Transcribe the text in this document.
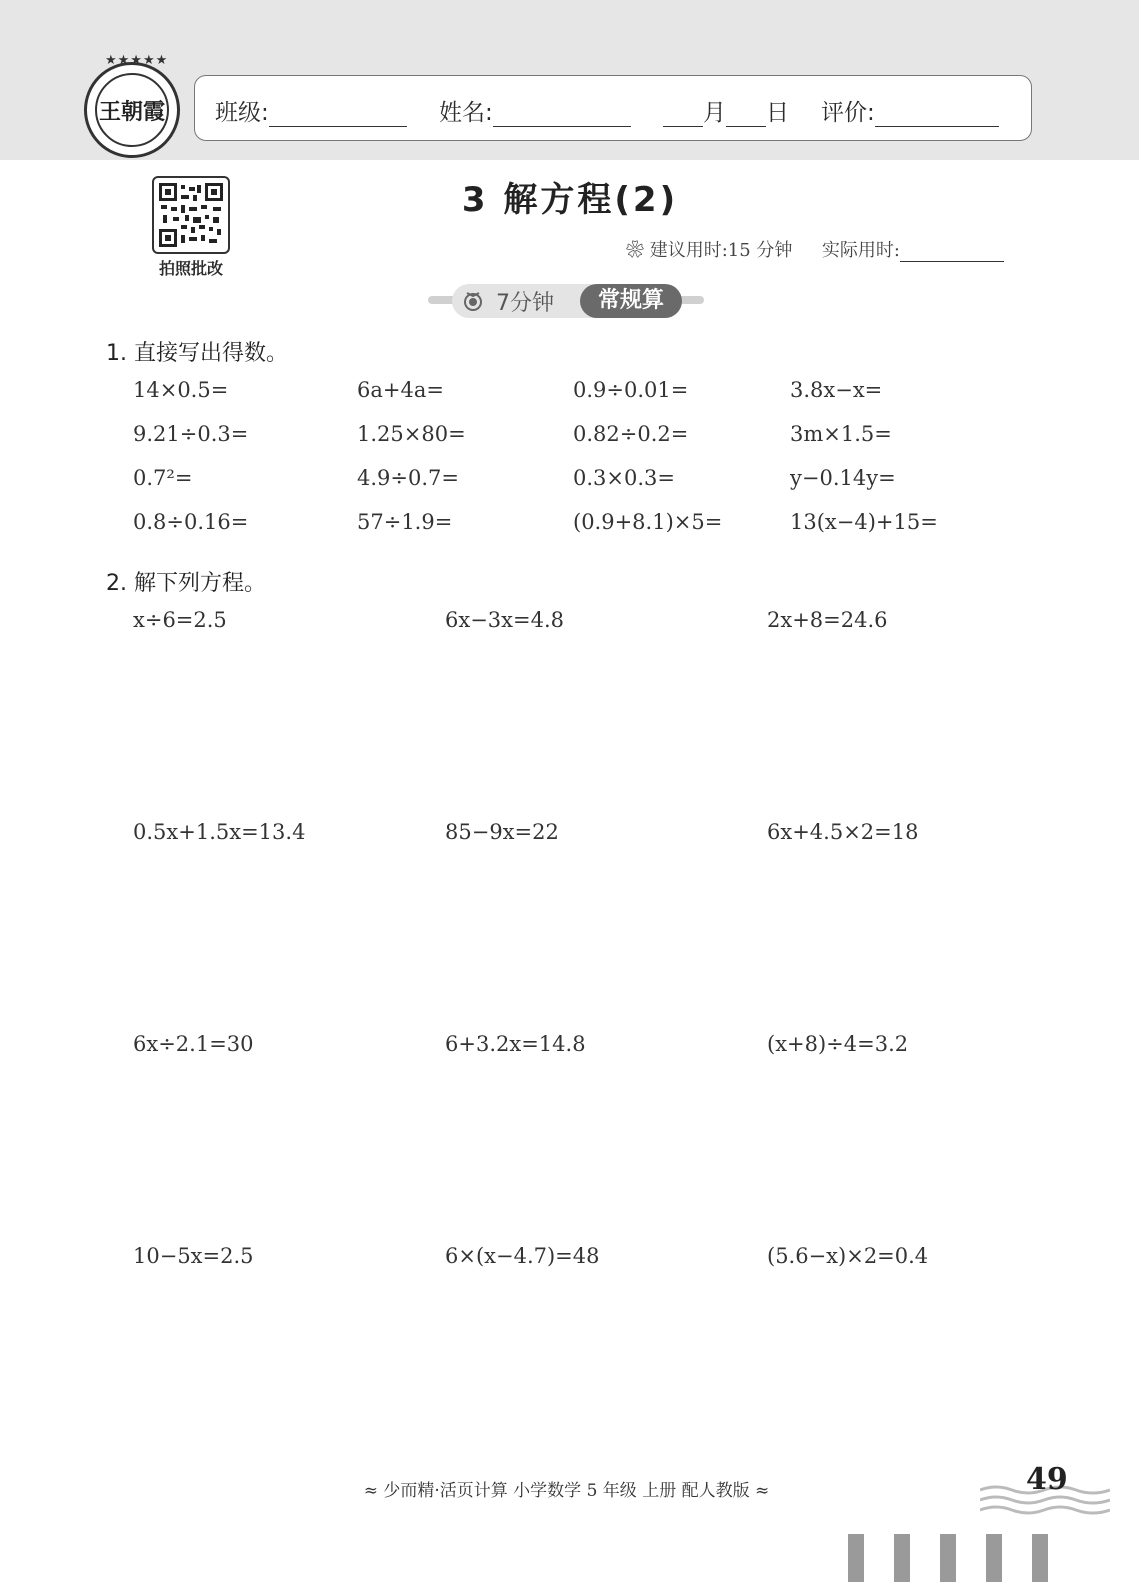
★★★★★
王朝霞 班级:	姓名:	月 日 评价:
拍照批改
3 解方程(2)
❀ 建议用时:15 分钟 实际用时:
7分钟	常规算
1. 直接写出得数。
14×0.5=	6a+4a=	0.9÷0.01=	3.8x−x=
9.21÷0.3=	1.25×80=	0.82÷0.2=	3m×1.5=
0.7²=	4.9÷0.7=	0.3×0.3=	y−0.14y=
0.8÷0.16=	57÷1.9=	(0.9+8.1)×5=	13(x−4)+15=
2. 解下列方程。
x÷6=2.5	6x−3x=4.8	2x+8=24.6
0.5x+1.5x=13.4	85−9x=22	6x+4.5×2=18
6x÷2.1=30	6+3.2x=14.8	(x+8)÷4=3.2
10−5x=2.5	6×(x−4.7)=48	(5.6−x)×2=0.4
≈ 少而精·活页计算 小学数学 5 年级 上册 配人教版 ≈	49
